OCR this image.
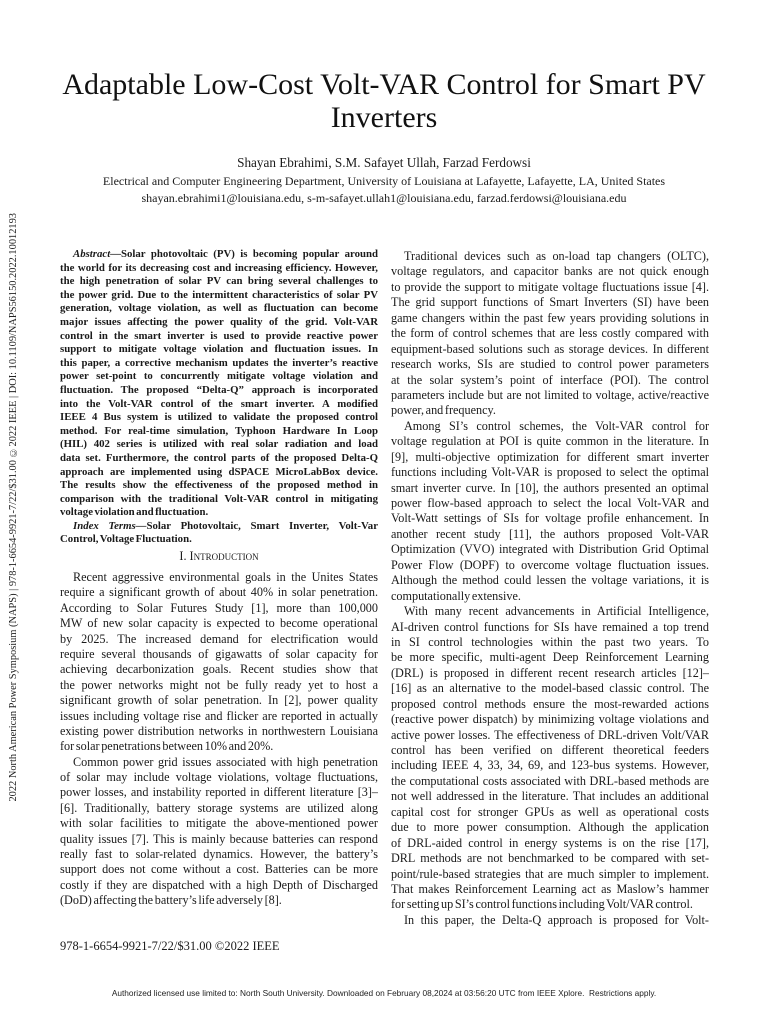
2022 North American Power Symposium (NAPS) | 978-1-6654-9921-7/22/$31.00 ©2022 IEEE | DOI: 10.1109/NAPS56150.2022.10012193
Adaptable Low-Cost Volt-VAR Control for Smart PV Inverters
Shayan Ebrahimi, S.M. Safayet Ullah, Farzad Ferdowsi
Electrical and Computer Engineering Department, University of Louisiana at Lafayette, Lafayette, LA, United States
shayan.ebrahimi1@louisiana.edu, s-m-safayet.ullah1@louisiana.edu, farzad.ferdowsi@louisiana.edu
Abstract—Solar photovoltaic (PV) is becoming popular around
the world for its decreasing cost and increasing efficiency. However,
the high penetration of solar PV can bring several challenges to
the power grid. Due to the intermittent characteristics of solar PV
generation, voltage violation, as well as fluctuation can become
major issues affecting the power quality of the grid. Volt-VAR
control in the smart inverter is used to provide reactive power
support to mitigate voltage violation and fluctuation issues. In
this paper, a corrective mechanism updates the inverter’s reactive
power set-point to concurrently mitigate voltage violation and
fluctuation. The proposed “Delta-Q” approach is incorporated
into the Volt-VAR control of the smart inverter. A modified
IEEE 4 Bus system is utilized to validate the proposed control
method. For real-time simulation, Typhoon Hardware In Loop
(HIL) 402 series is utilized with real solar radiation and load
data set. Furthermore, the control parts of the proposed Delta-Q
approach are implemented using dSPACE MicroLabBox device.
The results show the effectiveness of the proposed method in
comparison with the traditional Volt-VAR control in mitigating
voltage violation and fluctuation.
Index Terms—Solar Photovoltaic, Smart Inverter, Volt-Var
Control, Voltage Fluctuation.
I. Introduction
Recent aggressive environmental goals in the Unites States
require a significant growth of about 40% in solar penetration.
According to Solar Futures Study [1], more than 100,000
MW of new solar capacity is expected to become operational
by 2025. The increased demand for electrification would
require several thousands of gigawatts of solar capacity for
achieving decarbonization goals. Recent studies show that
the power networks might not be fully ready yet to host a
significant growth of solar penetration. In [2], power quality
issues including voltage rise and flicker are reported in actually
existing power distribution networks in northwestern Louisiana
for solar penetrations between 10% and 20%.
Common power grid issues associated with high penetration
of solar may include voltage violations, voltage fluctuations,
power losses, and instability reported in different literature [3]–
[6]. Traditionally, battery storage systems are utilized along
with solar facilities to mitigate the above-mentioned power
quality issues [7]. This is mainly because batteries can respond
really fast to solar-related dynamics. However, the battery’s
support does not come without a cost. Batteries can be more
costly if they are dispatched with a high Depth of Discharged
(DoD) affecting the battery’s life adversely [8].
Traditional devices such as on-load tap changers (OLTC),
voltage regulators, and capacitor banks are not quick enough
to provide the support to mitigate voltage fluctuations issue [4].
The grid support functions of Smart Inverters (SI) have been
game changers within the past few years providing solutions in
the form of control schemes that are less costly compared with
equipment-based solutions such as storage devices. In different
research works, SIs are studied to control power parameters
at the solar system’s point of interface (POI). The control
parameters include but are not limited to voltage, active/reactive
power, and frequency.
Among SI’s control schemes, the Volt-VAR control for
voltage regulation at POI is quite common in the literature. In
[9], multi-objective optimization for different smart inverter
functions including Volt-VAR is proposed to select the optimal
smart inverter curve. In [10], the authors presented an optimal
power flow-based approach to select the local Volt-VAR and
Volt-Watt settings of SIs for voltage profile enhancement. In
another recent study [11], the authors proposed Volt-VAR
Optimization (VVO) integrated with Distribution Grid Optimal
Power Flow (DOPF) to overcome voltage fluctuation issues.
Although the method could lessen the voltage variations, it is
computationally extensive.
With many recent advancements in Artificial Intelligence,
AI-driven control functions for SIs have remained a top trend
in SI control technologies within the past two years. To
be more specific, multi-agent Deep Reinforcement Learning
(DRL) is proposed in different recent research articles [12]–
[16] as an alternative to the model-based classic control. The
proposed control methods ensure the most-rewarded actions
(reactive power dispatch) by minimizing voltage violations and
active power losses. The effectiveness of DRL-driven Volt/VAR
control has been verified on different theoretical feeders
including IEEE 4, 33, 34, 69, and 123-bus systems. However,
the computational costs associated with DRL-based methods are
not well addressed in the literature. That includes an additional
capital cost for stronger GPUs as well as operational costs
due to more power consumption. Although the application
of DRL-aided control in energy systems is on the rise [17],
DRL methods are not benchmarked to be compared with set-
point/rule-based strategies that are much simpler to implement.
That makes Reinforcement Learning act as Maslow’s hammer
for setting up SI’s control functions including Volt/VAR control.
In this paper, the Delta-Q approach is proposed for Volt-
978-1-6654-9921-7/22/$31.00 ©2022 IEEE
Authorized licensed use limited to: North South University. Downloaded on February 08,2024 at 03:56:20 UTC from IEEE Xplore.  Restrictions apply.
